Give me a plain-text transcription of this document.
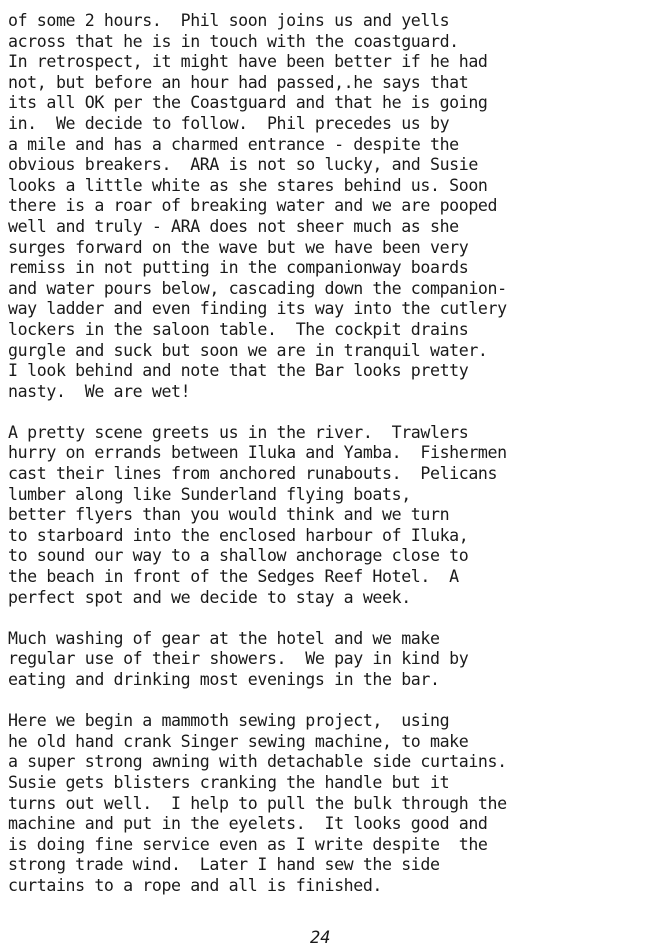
of some 2 hours.  Phil soon joins us and yells
across that he is in touch with the coastguard.
In retrospect, it might have been better if he had
not, but before an hour had passed,.he says that
its all OK per the Coastguard and that he is going
in.  We decide to follow.  Phil precedes us by
a mile and has a charmed entrance - despite the
obvious breakers.  ARA is not so lucky, and Susie
looks a little white as she stares behind us. Soon
there is a roar of breaking water and we are pooped
well and truly - ARA does not sheer much as she
surges forward on the wave but we have been very
remiss in not putting in the companionway boards
and water pours below, cascading down the companion-
way ladder and even finding its way into the cutlery
lockers in the saloon table.  The cockpit drains
gurgle and suck but soon we are in tranquil water.
I look behind and note that the Bar looks pretty
nasty.  We are wet!
A pretty scene greets us in the river.  Trawlers
hurry on errands between Iluka and Yamba.  Fishermen
cast their lines from anchored runabouts.  Pelicans
lumber along like Sunderland flying boats,
better flyers than you would think and we turn
to starboard into the enclosed harbour of Iluka,
to sound our way to a shallow anchorage close to
the beach in front of the Sedges Reef Hotel.  A
perfect spot and we decide to stay a week.
Much washing of gear at the hotel and we make
regular use of their showers.  We pay in kind by
eating and drinking most evenings in the bar.
Here we begin a mammoth sewing project,  using
he old hand crank Singer sewing machine, to make
a super strong awning with detachable side curtains.
Susie gets blisters cranking the handle but it
turns out well.  I help to pull the bulk through the
machine and put in the eyelets.  It looks good and
is doing fine service even as I write despite  the
strong trade wind.  Later I hand sew the side
curtains to a rope and all is finished.
24
